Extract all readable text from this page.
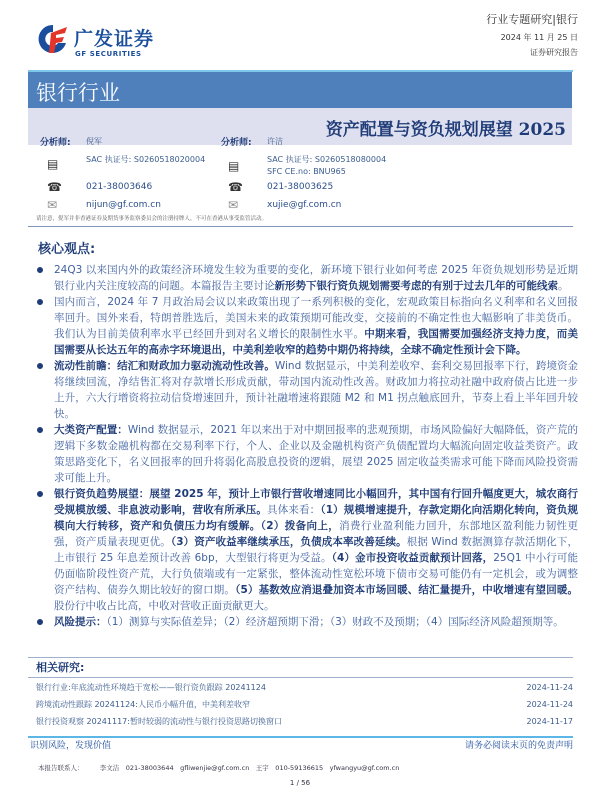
广发证券
GF SECURITIES
行业专题研究|银行
2024 年 11 月 25 日
证券研究报告
银行行业
资产配置与资负规划展望 2025
分析师: 倪军
▤	SAC 执证号: S0260518020004
☎	021-38003646
✉	nijun@gf.com.cn
分析师: 许洁
▤	SAC 执证号: S0260518080004
SFC CE.no: BNU965
☎	021-38003625
✉	xujie@gf.com.cn
请注意，倪军并非香港证券及期货事务监察委员会的注册持牌人，不可在香港从事受监管活动。
核心观点:
24Q3 以来国内外的政策经济环境发生较为重要的变化，新环境下银行业如何考虑 2025 年资负规划形势是近期银行业内关注度较高的问题。本篇报告主要讨论新形势下银行资负规划需要考虑的有别于过去几年的可能线索。
国内而言，2024 年 7 月政治局会议以来政策出现了一系列积极的变化，宏观政策目标指向名义利率和名义回报率回升。国外来看，特朗普胜选后，美国未来的政策预期可能改变，交接前的不确定性也大幅影响了非美货币。我们认为目前美债利率水平已经回升到对名义增长的限制性水平。中期来看，我国需要加强经济支持力度，而美国需要从长达五年的高赤字环境退出，中美利差收窄的趋势中期仍将持续，全球不确定性预计会下降。
流动性前瞻：结汇和财政加力驱动流动性改善。Wind 数据显示，中美利差收窄、套利交易回报率下行，跨境资金将继续回流，净结售汇将对存款增长形成贡献，带动国内流动性改善。财政加力将拉动社融中政府债占比进一步上升，六大行增资将拉动信贷增速回升，预计社融增速将跟随 M2 和 M1 拐点触底回升，节奏上看上半年回升较快。
大类资产配置：Wind 数据显示，2021 年以来出于对中期回报率的悲观预期，市场风险偏好大幅降低，资产荒的逻辑下多数金融机构都在交易利率下行，个人、企业以及金融机构资产负债配置均大幅流向固定收益类资产。政策思路变化下，名义回报率的回升将弱化高股息投资的逻辑，展望 2025 固定收益类需求可能下降而风险投资需求可能上升。
银行资负趋势展望：展望 2025 年，预计上市银行营收增速同比小幅回升，其中国有行回升幅度更大，城农商行受规模放缓、非息波动影响，营收有所承压。具体来看：（1）规模增速提升，存款定期化向活期化转向，资负规模向大行转移，资产和负债压力均有缓解。（2）拨备向上，消费行业盈利能力回升，东部地区盈利能力韧性更强，资产质量表现更优。（3）资产收益率继续承压，负债成本率改善延续。根据 Wind 数据测算存款活期化下，上市银行 25 年息差预计改善 6bp，大型银行将更为受益。（4）金市投资收益贡献预计回落，25Q1 中小行可能仍面临阶段性资产荒，大行负债端或有一定紧张，整体流动性宽松环境下债市交易可能仍有一定机会，或为调整资产结构、债券久期比较好的窗口期。（5）基数效应消退叠加资本市场回暖、结汇量提升，中收增速有望回暖。股份行中收占比高，中收对营收正面贡献更大。
风险提示：（1）测算与实际值差异；（2）经济超预期下滑；（3）财政不及预期；（4）国际经济风险超预期等。
相关研究:
银行行业:年底流动性环境趋于宽松——银行资负跟踪 20241124	2024-11-24
跨境流动性跟踪 20241124:人民币小幅升值，中美利差收窄	2024-11-24
银行投资观察 20241117:暂时较弱的流动性与银行投资思路切换窗口	2024-11-17
识别风险，发现价值	请务必阅读末页的免责声明
本报告联系人：　　　李文洁　021-38003644　gfliwenjie@gf.com.cn　王宇　010-59136615　yfwangyu@gf.com.cn
1 / 56
